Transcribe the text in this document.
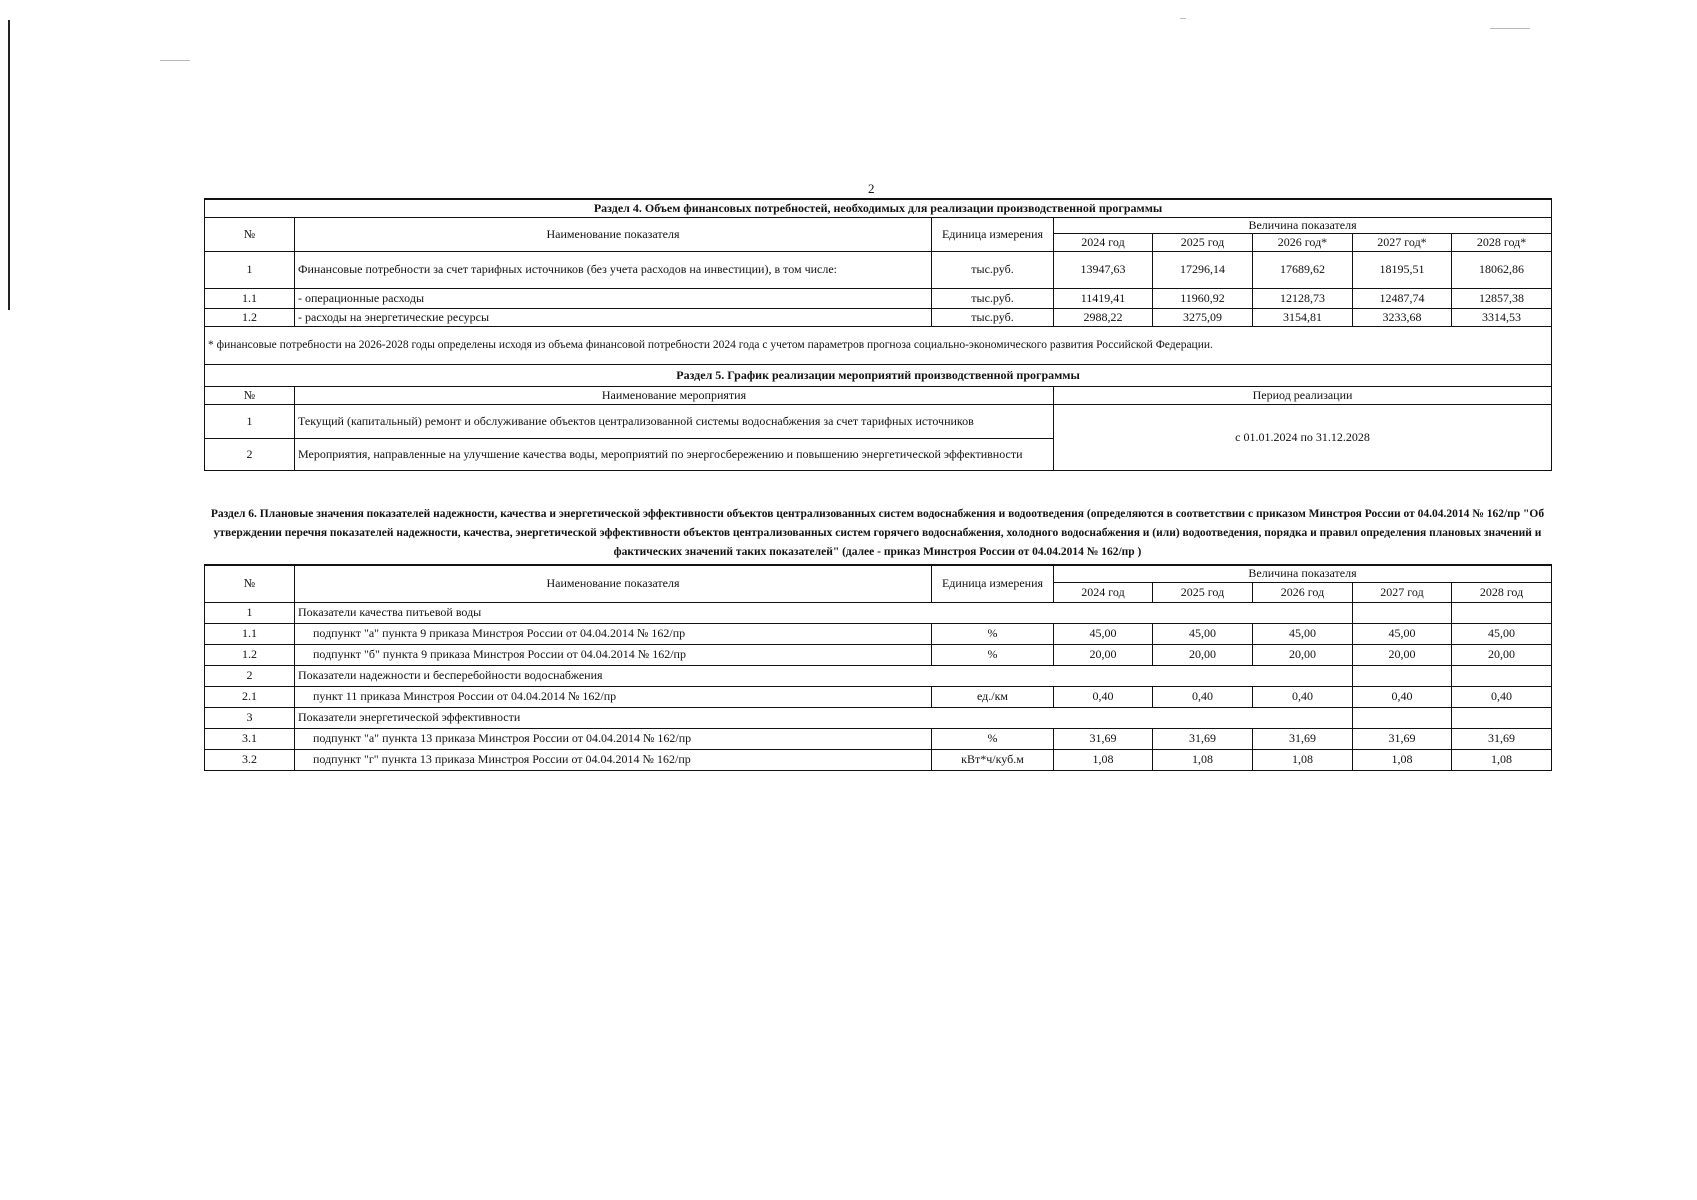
2
Раздел 4. Объем финансовых потребностей, необходимых для реализации производственной программы							
№	Наименование показателя	Единица измерения	Величина показателя				
			2024 год	2025 год	2026 год*	2027 год*	2028 год*
1	Финансовые потребности за счет тарифных источников (без учета расходов на инвестиции), в том числе:	тыс.руб.	13947,63	17296,14	17689,62	18195,51	18062,86
1.1	- операционные расходы	тыс.руб.	11419,41	11960,92	12128,73	12487,74	12857,38
1.2	- расходы на энергетические ресурсы	тыс.руб.	2988,22	3275,09	3154,81	3233,68	3314,53
* финансовые потребности на 2026-2028 годы определены исходя из объема финансовой потребности 2024 года с учетом параметров прогноза социально-экономического развития Российской Федерации.							
Раздел 5. График реализации мероприятий производственной программы							
№	Наименование мероприятия		Период реализации				
1	Текущий (капитальный) ремонт и обслуживание объектов централизованной системы водоснабжения за счет тарифных источников		с 01.01.2024 по 31.12.2028				
2	Мероприятия, направленные на улучшение качества воды, мероприятий по энергосбережению и повышению энергетической эффективности						
Раздел 6. Плановые значения показателей надежности, качества и энергетической эффективности объектов централизованных систем водоснабжения и водоотведения (определяются в соответствии с приказом Минстроя России от 04.04.2014 № 162/пр "Об утверждении перечня показателей надежности, качества, энергетической эффективности объектов централизованных систем горячего водоснабжения, холодного водоснабжения и (или) водоотведения, порядка и правил определения плановых значений и фактических значений таких показателей" (далее - приказ Минстроя России от 04.04.2014 № 162/пр )
№	Наименование показателя	Единица измерения	Величина показателя				
			2024 год	2025 год	2026 год	2027 год	2028 год
1	Показатели качества питьевой воды						
1.1	подпункт "а" пункта 9 приказа Минстроя России от 04.04.2014 № 162/пр	%	45,00	45,00	45,00	45,00	45,00
1.2	подпункт "б" пункта 9 приказа Минстроя России от 04.04.2014 № 162/пр	%	20,00	20,00	20,00	20,00	20,00
2	Показатели надежности и бесперебойности водоснабжения						
2.1	пункт 11 приказа Минстроя России от 04.04.2014 № 162/пр	ед./км	0,40	0,40	0,40	0,40	0,40
3	Показатели энергетической эффективности						
3.1	подпункт "а" пункта 13 приказа Минстроя России от 04.04.2014 № 162/пр	%	31,69	31,69	31,69	31,69	31,69
3.2	подпункт "г" пункта 13 приказа Минстроя России от 04.04.2014 № 162/пр	кВт*ч/куб.м	1,08	1,08	1,08	1,08	1,08
